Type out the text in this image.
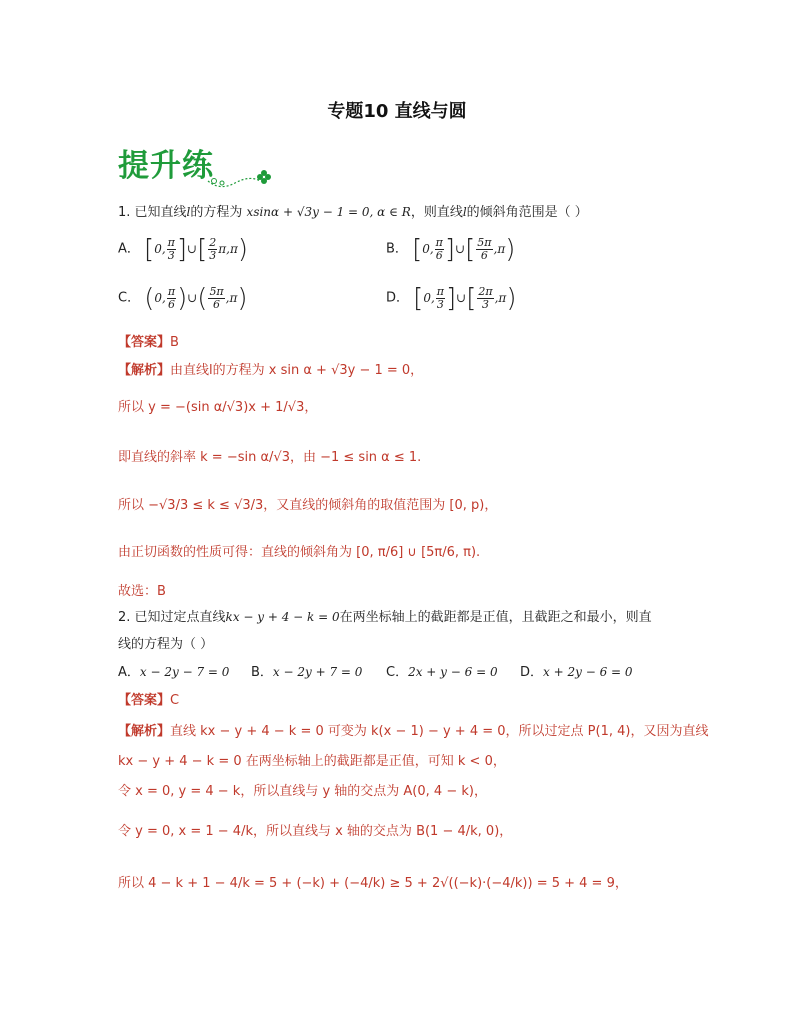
专题10 直线与圆
提升练
1. 已知直线l的方程为 xsinα + √3y − 1 = 0, α ∈ R，则直线l的倾斜角范围是（ ）
A． [0, $\frac{\pi}{3}$ ]∪[ $\frac{2}{3} \pi,\pi$)	B． [0, $\frac{\pi}{6}$ ]∪[ $\frac{5\pi}{6} ,\pi$)
C． (0, $\frac{\pi}{6}$ )∪( $\frac{5\pi}{6} ,\pi$)	D． [0, $\frac{\pi}{3}$ ]∪[ $\frac{2\pi}{3} ,\pi$)
【答案】B
【解析】由直线l的方程为 x sin α + √3y − 1 = 0，
所以 y = −(sin α/√3)x + 1/√3，
即直线的斜率 k = −sin α/√3，由 −1 ≤ sin α ≤ 1.
所以 −√3/3 ≤ k ≤ √3/3，又直线的倾斜角的取值范围为 [0, p)，
由正切函数的性质可得：直线的倾斜角为 [0, π/6] ∪ [5π/6, π).
故选：B
2. 已知过定点直线kx − y + 4 − k = 0在两坐标轴上的截距都是正值，且截距之和最小，则直
线的方程为（ ）
A．x − 2y − 7 = 0 B．x − 2y + 7 = 0 C．2x + y − 6 = 0 D．x + 2y − 6 = 0
【答案】C
【解析】直线 kx − y + 4 − k = 0 可变为 k(x − 1) − y + 4 = 0，所以过定点 P(1, 4)，又因为直线
kx − y + 4 − k = 0 在两坐标轴上的截距都是正值，可知 k < 0，
令 x = 0, y = 4 − k，所以直线与 y 轴的交点为 A(0, 4 − k)，
令 y = 0, x = 1 − 4/k，所以直线与 x 轴的交点为 B(1 − 4/k, 0)，
所以 4 − k + 1 − 4/k = 5 + (−k) + (−4/k) ≥ 5 + 2√((−k)·(−4/k)) = 5 + 4 = 9，
